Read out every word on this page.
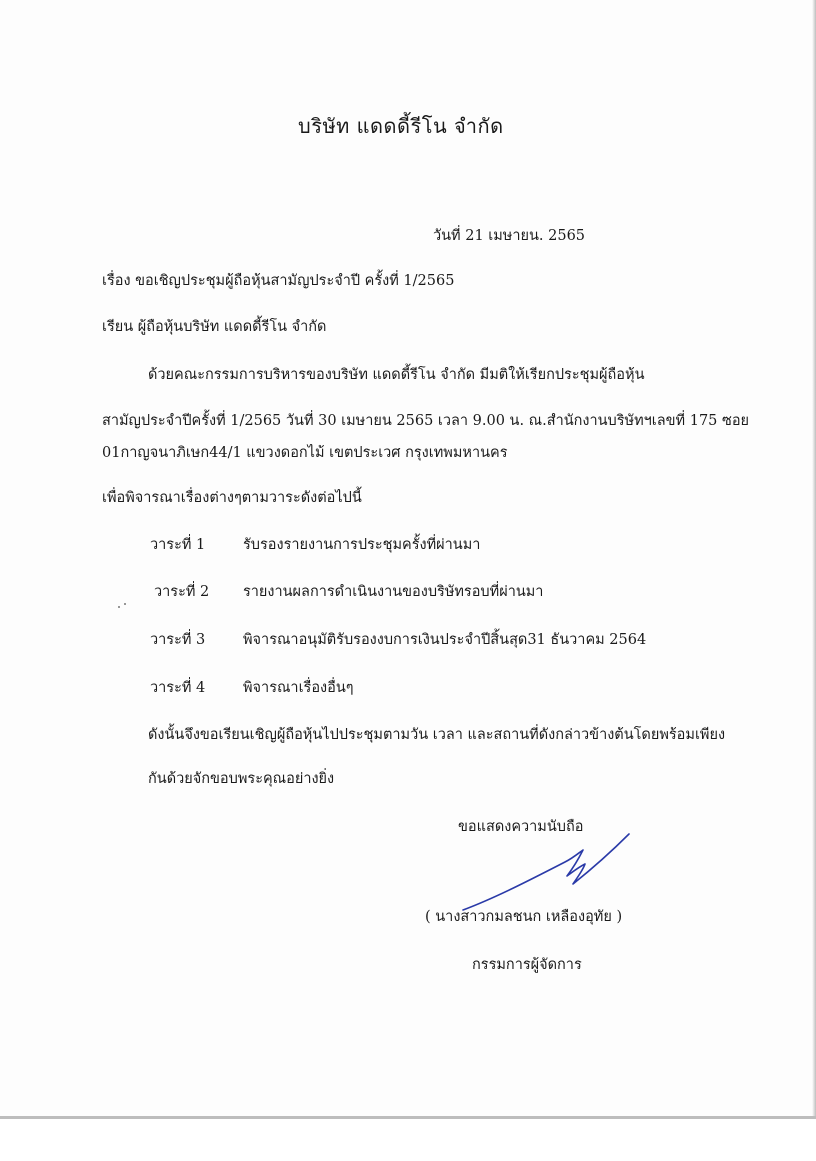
บริษัท แดดดี้รีโน จำกัด
วันที่ 21 เมษายน. 2565
เรื่อง ขอเชิญประชุมผู้ถือหุ้นสามัญประจำปี ครั้งที่ 1/2565
เรียน ผู้ถือหุ้นบริษัท แดดดี้รีโน จำกัด
ด้วยคณะกรรมการบริหารของบริษัท แดดดี้รีโน จำกัด มีมติให้เรียกประชุมผู้ถือหุ้น
สามัญประจำปีครั้งที่ 1/2565 วันที่ 30 เมษายน 2565 เวลา 9.00 น. ณ.สำนักงานบริษัทฯเลขที่ 175 ซอย
01กาญจนาภิเษก44/1 แขวงดอกไม้ เขตประเวศ กรุงเทพมหานคร
เพื่อพิจารณาเรื่องต่างๆตามวาระดังต่อไปนี้
วาระที่ 1	รับรองรายงานการประชุมครั้งที่ผ่านมา
วาระที่ 2 รายงานผลการดำเนินงานของบริษัทรอบที่ผ่านมา
วาระที่ 3	พิจารณาอนุมัติรับรองงบการเงินประจำปีสิ้นสุด31 ธันวาคม 2564
วาระที่ 4	พิจารณาเรื่องอื่นๆ
ดังนั้นจึงขอเรียนเชิญผู้ถือหุ้นไปประชุมตามวัน เวลา และสถานที่ดังกล่าวข้างต้นโดยพร้อมเพียง
กันด้วยจักขอบพระคุณอย่างยิ่ง
ขอแสดงความนับถือ
( นางสาวกมลชนก เหลืองอุทัย )
กรรมการผู้จัดการ
